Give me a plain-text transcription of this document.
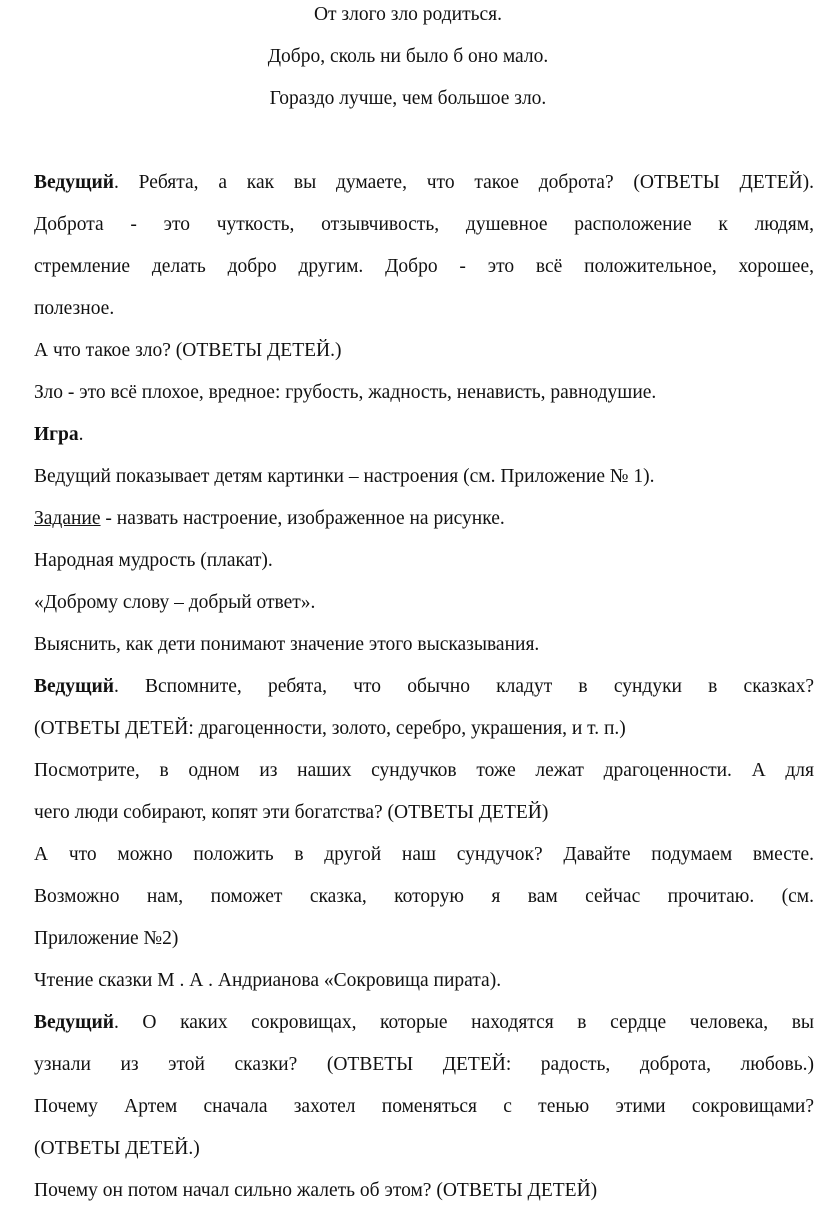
От злого зло родиться.
Добро, сколь ни было б оно мало.
Гораздо лучше, чем большое зло.
Ведущий. Ребята, а как вы думаете, что такое доброта? (ОТВЕТЫ ДЕТЕЙ).
Доброта - это чуткость, отзывчивость, душевное расположение к людям,
стремление делать добро другим. Добро - это всё положительное, хорошее,
полезное.
А что такое зло? (ОТВЕТЫ ДЕТЕЙ.)
Зло - это всё плохое, вредное: грубость, жадность, ненависть, равнодушие.
Игра.
Ведущий показывает детям картинки – настроения (см. Приложение № 1).
Задание - назвать настроение, изображенное на рисунке.
Народная мудрость (плакат).
«Доброму слову – добрый ответ».
Выяснить, как дети понимают значение этого высказывания.
Ведущий. Вспомните, ребята, что обычно кладут в сундуки в сказках?
(ОТВЕТЫ ДЕТЕЙ: драгоценности, золото, серебро, украшения, и т. п.)
Посмотрите, в одном из наших сундучков тоже лежат драгоценности. А для
чего люди собирают, копят эти богатства? (ОТВЕТЫ ДЕТЕЙ)
А что можно положить в другой наш сундучок? Давайте подумаем вместе.
Возможно нам, поможет сказка, которую я вам сейчас прочитаю. (см.
Приложение №2)
Чтение сказки М . А . Андрианова «Сокровища пирата).
Ведущий. О каких сокровищах, которые находятся в сердце человека, вы
узнали из этой сказки? (ОТВЕТЫ ДЕТЕЙ: радость, доброта, любовь.)
Почему Артем сначала захотел поменяться с тенью этими сокровищами?
(ОТВЕТЫ ДЕТЕЙ.)
Почему он потом начал сильно жалеть об этом? (ОТВЕТЫ ДЕТЕЙ)
